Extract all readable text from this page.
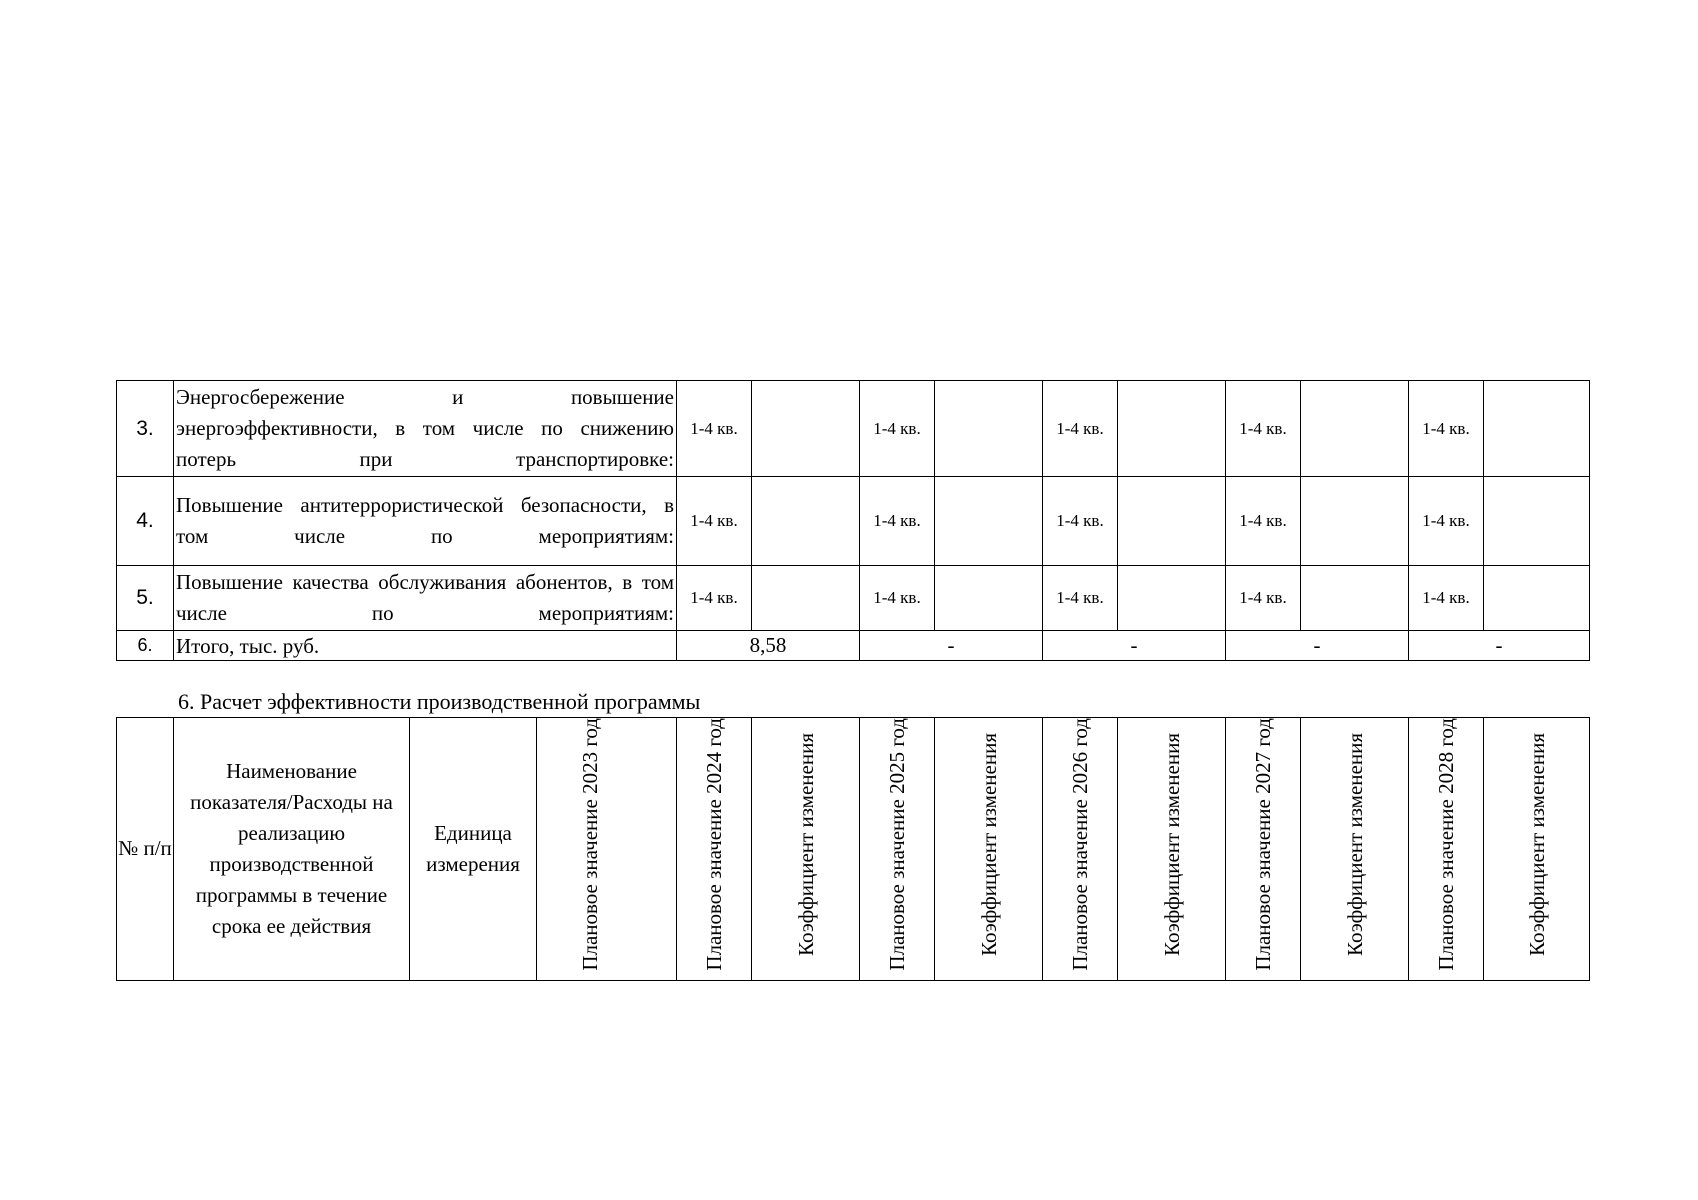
3.	Энергосбережение и повышение энергоэффективности, в том числе по снижению потерь при транспортировке:	1-4 кв.		1-4 кв.		1-4 кв.		1-4 кв.		1-4 кв.	
4.	Повышение антитеррористической безопасности, в том числе по мероприятиям:	1-4 кв.		1-4 кв.		1-4 кв.		1-4 кв.		1-4 кв.	
5.	Повышение качества обслуживания абонентов, в том числе по мероприятиям:	1-4 кв.		1-4 кв.		1-4 кв.		1-4 кв.		1-4 кв.	
6.	Итого, тыс. руб.	8,58		-		-		-		-	
6. Расчет эффективности производственной программы
№ п/п	Наименование показателя/Расходы на реализацию производственной программы в течение срока ее действия	Единица измерения	Плановое значение 2023 год	Плановое значение 2024 год	Коэффициент изменения	Плановое значение 2025 год	Коэффициент изменения	Плановое значение 2026 год	Коэффициент изменения	Плановое значение 2027 год	Коэффициент изменения	Плановое значение 2028 год	Коэффициент изменения
